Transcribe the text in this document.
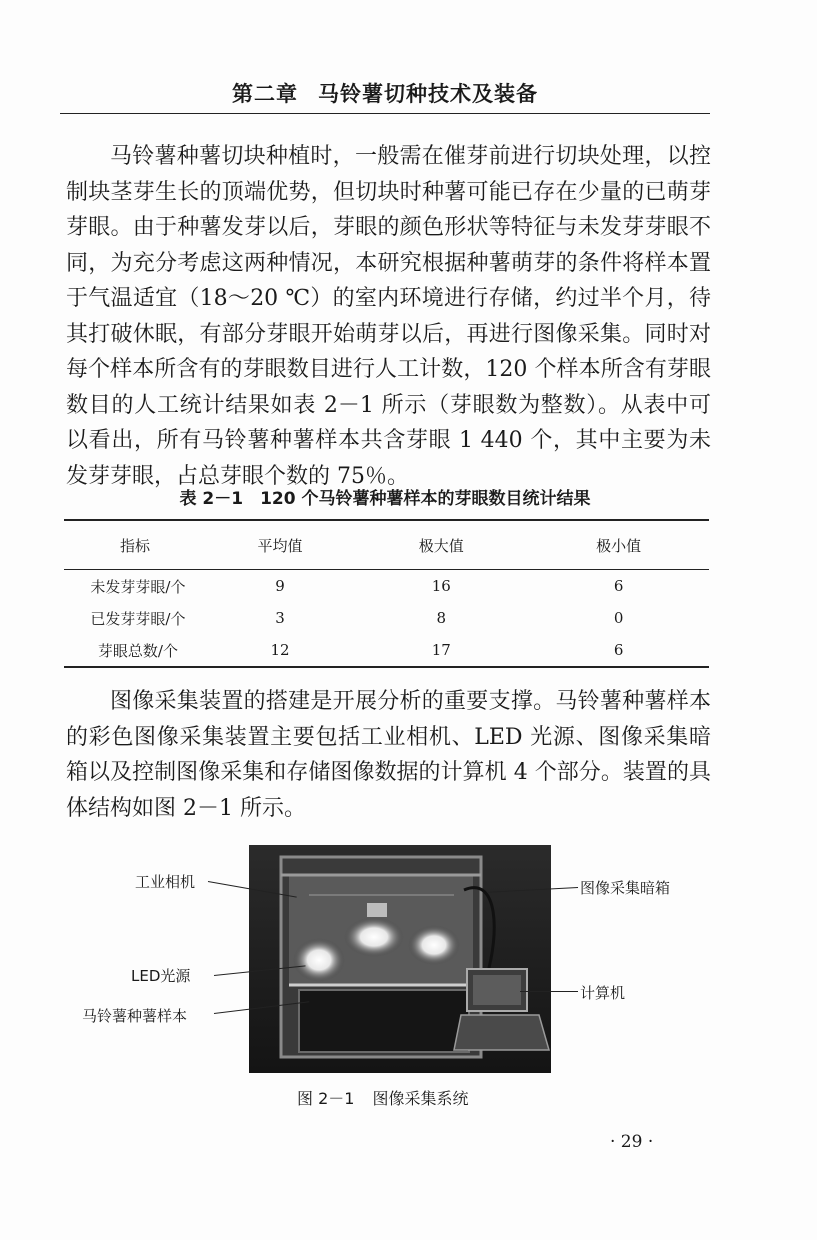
第二章 马铃薯切种技术及装备

马铃薯种薯切块种植时，一般需在催芽前进行切块处理，以控制块茎芽生长的顶端优势，但切块时种薯可能已存在少量的已萌芽芽眼。由于种薯发芽以后，芽眼的颜色形状等特征与未发芽芽眼不同，为充分考虑这两种情况，本研究根据种薯萌芽的条件将样本置于气温适宜（18～20 ℃）的室内环境进行存储，约过半个月，待其打破休眠，有部分芽眼开始萌芽以后，再进行图像采集。同时对每个样本所含有的芽眼数目进行人工计数，120 个样本所含有芽眼数目的人工统计结果如表 2－1 所示（芽眼数为整数）。从表中可以看出，所有马铃薯种薯样本共含芽眼 1 440 个，其中主要为未发芽芽眼，占总芽眼个数的 75％。

表 2－1　120 个马铃薯种薯样本的芽眼数目统计结果
指标	平均值	极大值	极小值
未发芽芽眼/个	9	16	6
已发芽芽眼/个	3	8	0
芽眼总数/个	12	17	6

图像采集装置的搭建是开展分析的重要支撑。马铃薯种薯样本的彩色图像采集装置主要包括工业相机、LED 光源、图像采集暗箱以及控制图像采集和存储图像数据的计算机 4 个部分。装置的具体结构如图 2－1 所示。

工业相机
LED光源
马铃薯种薯样本
图像采集暗箱
计算机
图 2－1 图像采集系统
· 29 ·
